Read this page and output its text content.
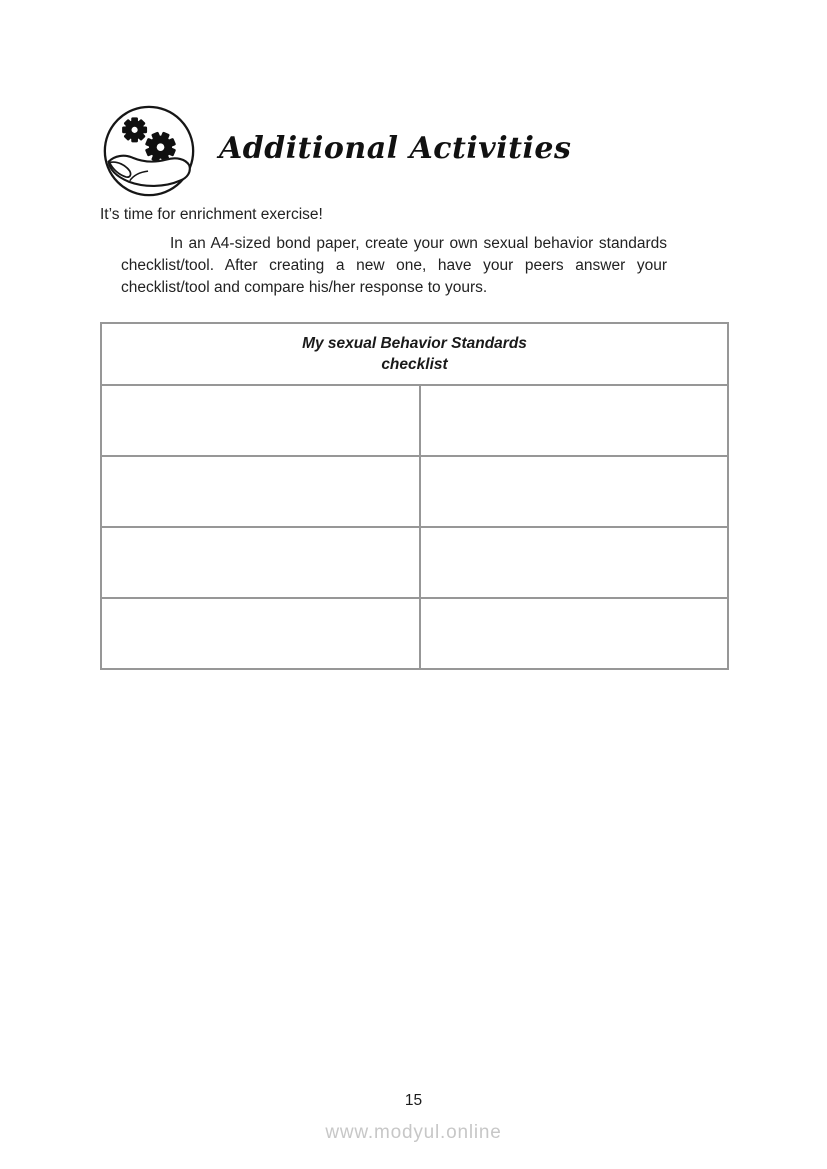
Additional Activities
It’s time for enrichment exercise!
In an A4-sized bond paper, create your own sexual behavior standards checklist/tool. After creating a new one, have your peers answer your checklist/tool and compare his/her response to yours.
My sexual Behavior Standards
checklist	

15
www.modyul.online
